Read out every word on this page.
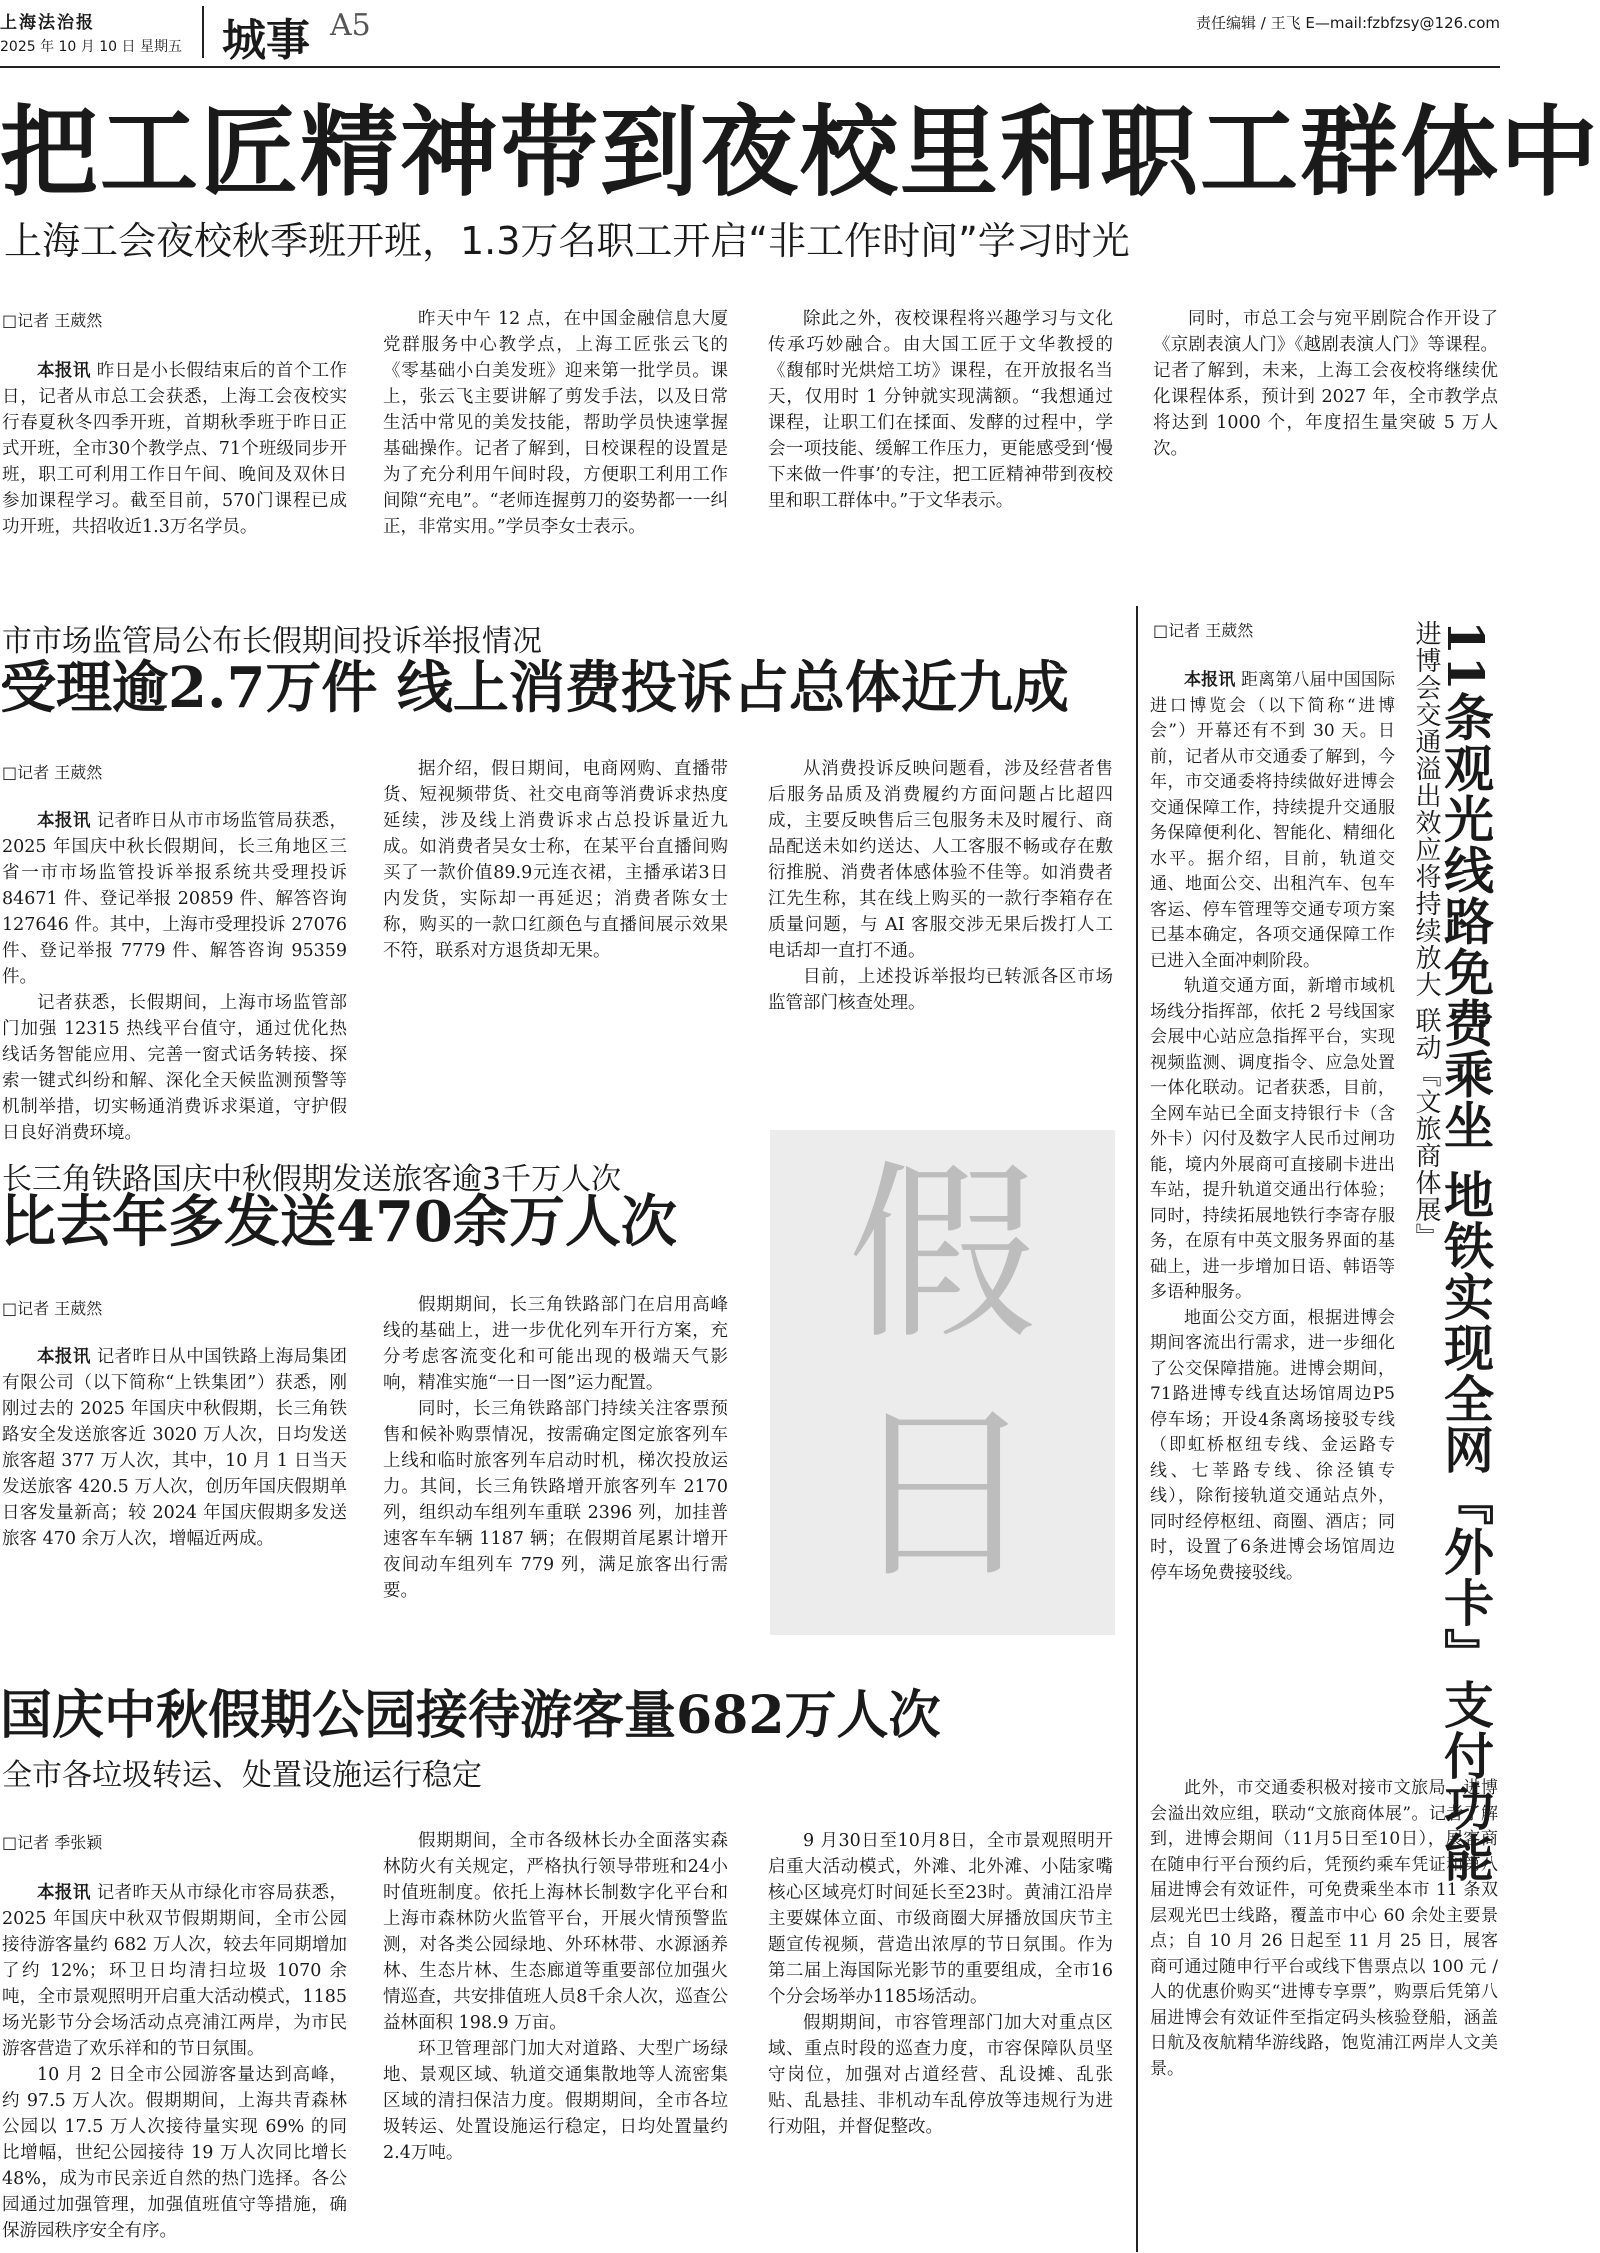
上海法治报
2025 年 10 月 10 日 星期五 城事 A5	责任编辑 / 王飞 E—mail:fzbfzsy@126.com
把工匠精神带到夜校里和职工群体中
上海工会夜校秋季班开班，1.3万名职工开启“非工作时间”学习时光
□ 记者 王葳然

本报讯 昨日是小长假结束后的首个工作日，记者从市总工会获悉，上海工会夜校实行春夏秋冬四季开班，首期秋季班于昨日正式开班，全市30个教学点、71个班级同步开班，职工可利用工作日午间、晚间及双休日参加课程学习。截至目前，570门课程已成功开班，共招收近1.3万名学员。

昨天中午 12 点，在中国金融信息大厦党群服务中心教学点，上海工匠张云飞的《零基础小白美发班》迎来第一批学员。课上，张云飞主要讲解了剪发手法，以及日常生活中常见的美发技能，帮助学员快速掌握基础操作。记者了解到，日校课程的设置是为了充分利用午间时段，方便职工利用工作间隙“充电”。“老师连握剪刀的姿势都一一纠正，非常实用。”学员李女士表示。

除此之外，夜校课程将兴趣学习与文化传承巧妙融合。由大国工匠于文华教授的《馥郁时光烘焙工坊》课程，在开放报名当天，仅用时 1 分钟就实现满额。“我想通过课程，让职工们在揉面、发酵的过程中，学会一项技能、缓解工作压力，更能感受到‘慢下来做一件事’的专注，把工匠精神带到夜校里和职工群体中。”于文华表示。

同时，市总工会与宛平剧院合作开设了《京剧表演人门》《越剧表演人门》等课程。记者了解到，未来，上海工会夜校将继续优化课程体系，预计到 2027 年，全市教学点将达到 1000 个，年度招生量突破 5 万人次。

市市场监管局公布长假期间投诉举报情况
受理逾2.7万件 线上消费投诉占总体近九成
□ 记者 王葳然

本报讯 记者昨日从市市场监管局获悉，2025 年国庆中秋长假期间，长三角地区三省一市市场监管投诉举报系统共受理投诉 84671 件、登记举报 20859 件、解答咨询 127646 件。其中，上海市受理投诉 27076 件、登记举报 7779 件、解答咨询 95359 件。

记者获悉，长假期间，上海市场监管部门加强 12315 热线平台值守，通过优化热线话务智能应用、完善一窗式话务转接、探索一键式纠纷和解、深化全天候监测预警等机制举措，切实畅通消费诉求渠道，守护假日良好消费环境。

据介绍，假日期间，电商网购、直播带货、短视频带货、社交电商等消费诉求热度延续，涉及线上消费诉求占总投诉量近九成。如消费者吴女士称，在某平台直播间购买了一款价值89.9元连衣裙，主播承诺3日内发货，实际却一再延迟；消费者陈女士称，购买的一款口红颜色与直播间展示效果不符，联系对方退货却无果。

从消费投诉反映问题看，涉及经营者售后服务品质及消费履约方面问题占比超四成，主要反映售后三包服务未及时履行、商品配送未如约送达、人工客服不畅或存在敷衍推脱、消费者体感体验不佳等。如消费者江先生称，其在线上购买的一款行李箱存在质量问题，与 AI 客服交涉无果后拨打人工电话却一直打不通。

目前，上述投诉举报均已转派各区市场监管部门核查处理。

长三角铁路国庆中秋假期发送旅客逾3千万人次
比去年多发送470余万人次
□ 记者 王葳然

本报讯 记者昨日从中国铁路上海局集团有限公司（以下简称“上铁集团”）获悉，刚刚过去的 2025 年国庆中秋假期，长三角铁路安全发送旅客近 3020 万人次，日均发送旅客超 377 万人次，其中，10 月 1 日当天发送旅客 420.5 万人次，创历年国庆假期单日客发量新高；较 2024 年国庆假期多发送旅客 470 余万人次，增幅近两成。

假期期间，长三角铁路部门在启用高峰线的基础上，进一步优化列车开行方案，充分考虑客流变化和可能出现的极端天气影响，精准实施“一日一图”运力配置。

同时，长三角铁路部门持续关注客票预售和候补购票情况，按需确定图定旅客列车上线和临时旅客列车启动时机，梯次投放运力。其间，长三角铁路增开旅客列车 2170 列，组织动车组列车重联 2396 列，加挂普速客车车辆 1187 辆；在假期首尾累计增开夜间动车组列车 779 列，满足旅客出行需要。

假
日
国庆中秋假期公园接待游客量682万人次
全市各垃圾转运、处置设施运行稳定
□ 记者 季张颖

本报讯 记者昨天从市绿化市容局获悉，2025 年国庆中秋双节假期期间，全市公园接待游客量约 682 万人次，较去年同期增加了约 12%；环卫日均清扫垃圾 1070 余吨，全市景观照明开启重大活动模式，1185 场光影节分会场活动点亮浦江两岸，为市民游客营造了欢乐祥和的节日氛围。

10 月 2 日全市公园游客量达到高峰，约 97.5 万人次。假期期间，上海共青森林公园以 17.5 万人次接待量实现 69% 的同比增幅，世纪公园接待 19 万人次同比增长 48%，成为市民亲近自然的热门选择。各公园通过加强管理，加强值班值守等措施，确保游园秩序安全有序。

假期期间，全市各级林长办全面落实森林防火有关规定，严格执行领导带班和24小时值班制度。依托上海林长制数字化平台和上海市森林防火监管平台，开展火情预警监测，对各类公园绿地、外环林带、水源涵养林、生态片林、生态廊道等重要部位加强火情巡查，共安排值班人员8千余人次，巡查公益林面积 198.9 万亩。

环卫管理部门加大对道路、大型广场绿地、景观区域、轨道交通集散地等人流密集区域的清扫保洁力度。假期期间，全市各垃圾转运、处置设施运行稳定，日均处置量约2.4万吨。

9 月30日至10月8日，全市景观照明开启重大活动模式，外滩、北外滩、小陆家嘴核心区域亮灯时间延长至23时。黄浦江沿岸主要媒体立面、市级商圈大屏播放国庆节主题宣传视频，营造出浓厚的节日氛围。作为第二届上海国际光影节的重要组成，全市16个分会场举办1185场活动。

假期期间，市容管理部门加大对重点区域、重点时段的巡查力度，市容保障队员坚守岗位，加强对占道经营、乱设摊、乱张贴、乱悬挂、非机动车乱停放等违规行为进行劝阻，并督促整改。

11条观光线路免费乘坐 地铁实现全网『外卡』支付功能
进博会交通溢出效应将持续放大 联动『文旅商体展』
□ 记者 王葳然

本报讯 距离第八届中国国际进口博览会（以下简称“进博会”）开幕还有不到 30 天。日前，记者从市交通委了解到，今年，市交通委将持续做好进博会交通保障工作，持续提升交通服务保障便利化、智能化、精细化水平。据介绍，目前，轨道交通、地面公交、出租汽车、包车客运、停车管理等交通专项方案已基本确定，各项交通保障工作已进入全面冲刺阶段。

轨道交通方面，新增市域机场线分指挥部，依托 2 号线国家会展中心站应急指挥平台，实现视频监测、调度指令、应急处置一体化联动。记者获悉，目前，全网车站已全面支持银行卡（含外卡）闪付及数字人民币过闸功能，境内外展商可直接刷卡进出车站，提升轨道交通出行体验；同时，持续拓展地铁行李寄存服务，在原有中英文服务界面的基础上，进一步增加日语、韩语等多语种服务。

地面公交方面，根据进博会期间客流出行需求，进一步细化了公交保障措施。进博会期间，71路进博专线直达场馆周边P5停车场；开设4条离场接驳专线（即虹桥枢纽专线、金运路专线、七莘路专线、徐泾镇专线），除衔接轨道交通站点外，同时经停枢纽、商圈、酒店；同时，设置了6条进博会场馆周边停车场免费接驳线。

此外，市交通委积极对接市文旅局、进博会溢出效应组，联动“文旅商体展”。记者了解到，进博会期间（11月5日至10日），展客商在随申行平台预约后，凭预约乘车凭证和第八届进博会有效证件，可免费乘坐本市 11 条双层观光巴士线路，覆盖市中心 60 余处主要景点；自 10 月 26 日起至 11 月 25 日，展客商可通过随申行平台或线下售票点以 100 元 / 人的优惠价购买“进博专享票”，购票后凭第八届进博会有效证件至指定码头核验登船，涵盖日航及夜航精华游线路，饱览浦江两岸人文美景。
